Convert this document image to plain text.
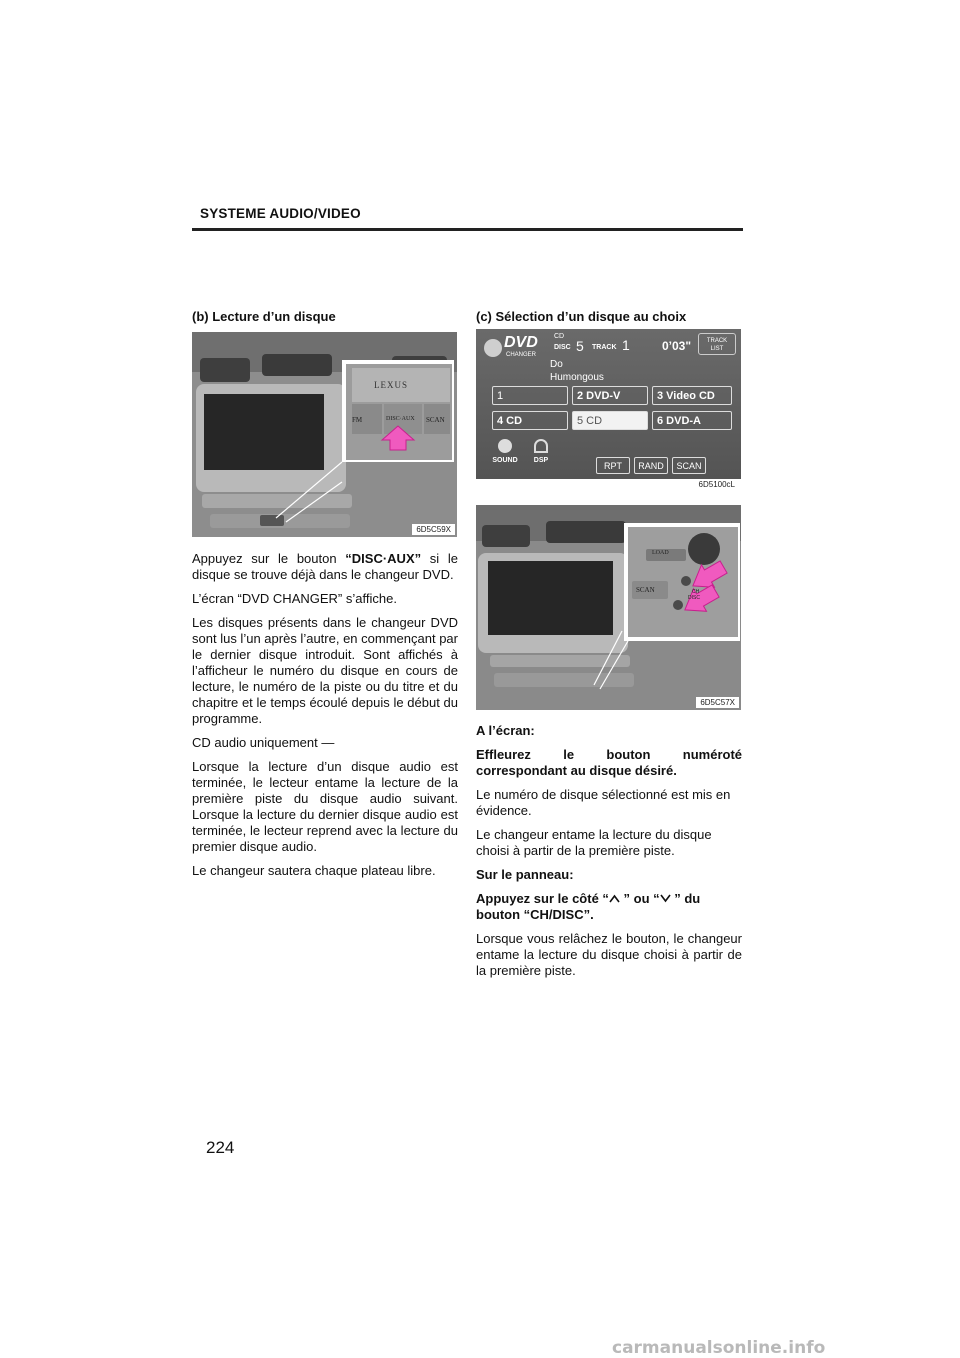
SYSTEME AUDIO/VIDEO
(b) Lecture d’un disque
LEXUS
FM	DISC·AUX SCAN
6D5C59X

Appuyez sur le bouton “DISC·AUX” si le disque se trouve déjà dans le changeur DVD.

L’écran “DVD CHANGER” s’affiche.

Les disques présents dans le changeur DVD sont lus l’un après l’autre, en commençant par le dernier disque introduit. Sont affichés à l’afficheur le numéro du disque en cours de lecture, le numéro de la piste ou du titre et du chapitre et le temps écoulé depuis le début du programme.

CD audio uniquement —

Lorsque la lecture d’un disque audio est terminée, le lecteur entame la lecture de la première piste du disque audio suivant. Lorsque la lecture du dernier disque audio est terminée, le lecteur reprend avec la lecture du premier disque audio.

Le changeur sautera chaque plateau libre.

(c) Sélection d’un disque au choix
DVD
CHANGER
CD
DISC 5 TRACK 1	0’03"	TRACK
LIST
Do
Humongous
1	2 DVD-V	3 Video CD
4 CD	5 CD	6 DVD-A
SOUND	DSP
RPT	RAND	SCAN
6D5100cL
LOAD
SCAN	CH
DISC
6D5C57X

A l’écran:

Effleurez le bouton numéroté correspondant au disque désiré.

Le numéro de disque sélectionné est mis en évidence.

Le changeur entame la lecture du disque choisi à partir de la première piste.

Sur le panneau:

Appuyez sur le côté “ ” ou “ ” du bouton “CH/DISC”.

Lorsque vous relâchez le bouton, le changeur entame la lecture du disque choisi à partir de la première piste.

224
carmanualsonline.info
